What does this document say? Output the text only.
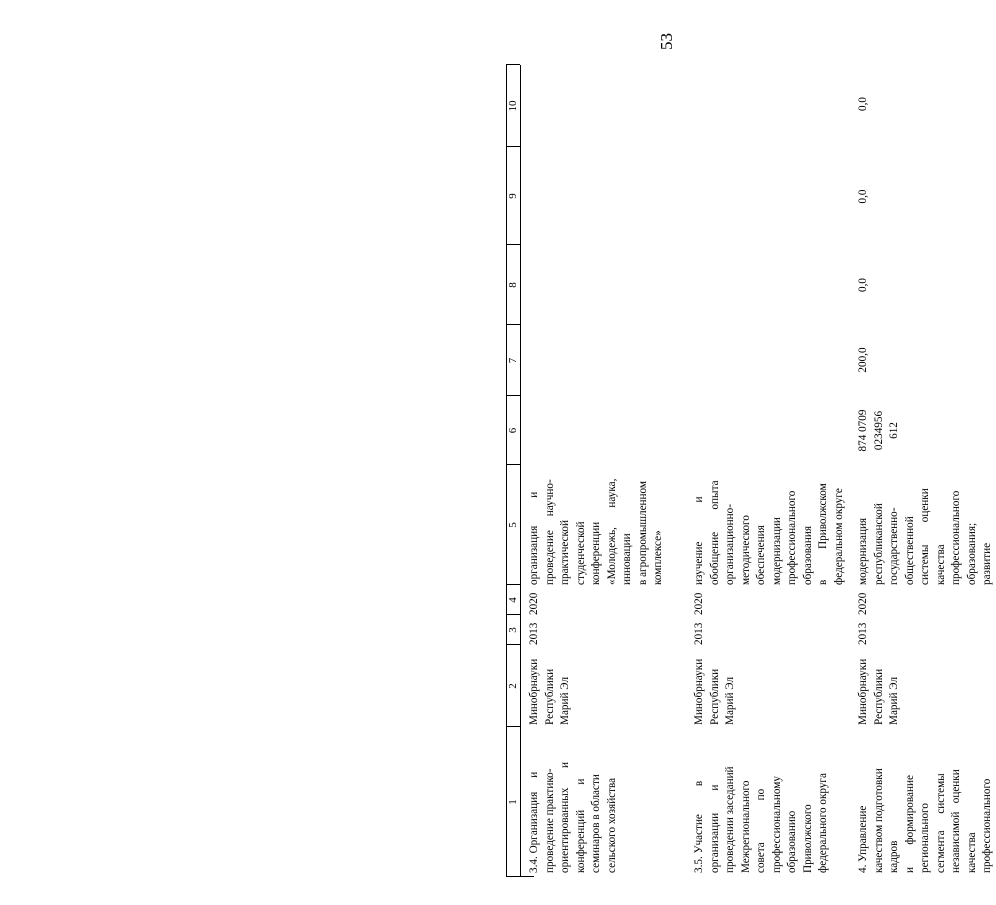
53
1
2
3
4
5
6
7
8
9
10
3.4. Организация     и
проведение практико-
ориентированных       и
конференций         и
семинаров в области
сельского хозяйства
Минобрнауки
Республики
Марий Эл
2013
2020
организация          и
проведение     научно-
практической
студенческой
конференции
«Молодежь,       наука,
инновации
в агропромышленном
комплексе»
3.5. Участие          в
организации        и
проведении заседаний
Межрегионального
совета               по
профессиональному
образованию
Приволжского
федерального округа
Минобрнауки
Республики
Марий Эл
2013
2020
изучение              и
обобщение        опыта
организационно-
методического
обеспечения
модернизации
профессионального
образования
в           Приволжском
федеральном округе
4. Управление
качеством подготовки
кадров
и        формирование
регионального
сегмента      системы
независимой   оценки
качества
профессионального
Минобрнауки
Республики
Марий Эл
2013
2020
модернизация
республиканской
государственно-
общественной
системы        оценки
качества
профессионального
образования;
развитие
874 0709
0234956
612
200,0
0,0
0,0
0,0
